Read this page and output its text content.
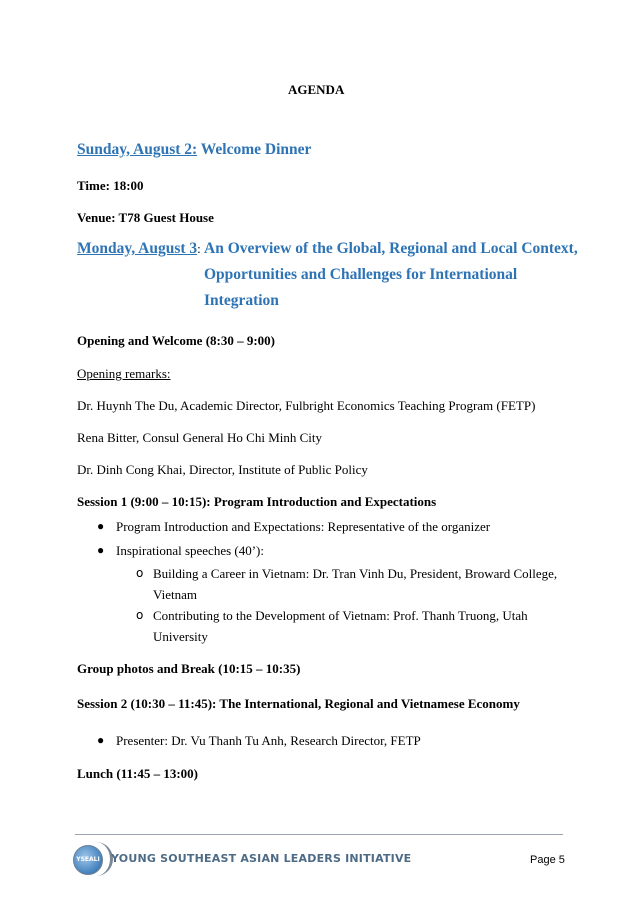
AGENDA
Sunday, August 2: Welcome Dinner
Time: 18:00
Venue: T78 Guest House
Monday, August 3: An Overview of the Global, Regional and Local Context,
Opportunities and Challenges for International
Integration
Opening and Welcome (8:30 – 9:00)
Opening remarks:
Dr. Huynh The Du, Academic Director, Fulbright Economics Teaching Program (FETP)
Rena Bitter, Consul General Ho Chi Minh City
Dr. Dinh Cong Khai, Director, Institute of Public Policy
Session 1 (9:00 – 10:15): Program Introduction and Expectations
● Program Introduction and Expectations: Representative of the organizer
● Inspirational speeches (40’):
o Building a Career in Vietnam: Dr. Tran Vinh Du, President, Broward College,
Vietnam
o Contributing to the Development of Vietnam: Prof. Thanh Truong, Utah
University
Group photos and Break (10:15 – 10:35)
Session 2 (10:30 – 11:45): The International, Regional and Vietnamese Economy
● Presenter: Dr. Vu Thanh Tu Anh, Research Director, FETP
Lunch (11:45 – 13:00)
YSEALI YOUNG SOUTHEAST ASIAN LEADERS INITIATIVE	Page 5
